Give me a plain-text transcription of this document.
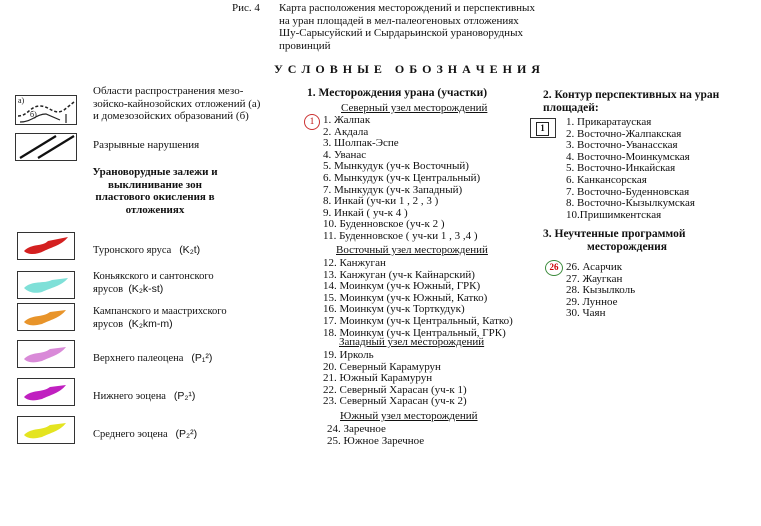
Рис. 4 Карта расположения месторождений и перспективных
на уран площадей в мел-палеогеновых отложениях
Шу-Сарысуйский и Сырдарьинской урановорудных
провинций
У С Л О В Н Ы Е   О Б О З Н А Ч Е Н И Я
а)
б)
Области распространения мезо-
зойско-кайнозойских отложений (а)
и домезозойских образований (б)
Разрывные нарушения
Урановорудные залежи и
выклинивание зон
пластового окисления в
отложениях
Туронского яруса (K₂t)
Коньякского и сантонского
ярусов (K₂k-st)
Кампанского и маастрихского
ярусов (K₂km-m)
Верхнего палеоцена (P₁²)
Нижнего эоцена (P₂¹)
Среднего эоцена (P₂²)
1. Месторождения урана (участки)
1
Северный узел месторождений
1. Жалпак
2. Акдала
3. Шолпак-Эспе
4. Уванас
5. Мынкудук (уч-к Восточный)
6. Мынкудук (уч-к Центральный)
7. Мынкудук (уч-к Западный)
8. Инкай (уч-ки 1 , 2 , 3 )
9. Инкай ( уч-к 4 )
10. Буденновское (уч-к 2 )
11. Буденновское ( уч-ки 1 , 3 ,4 )
Восточный узел месторождений
12. Канжуган
13. Канжуган (уч-к Кайнарский)
14. Моинкум (уч-к Южный, ГРК)
15. Моинкум (уч-к Южный, Катко)
16. Моинкум (уч-к Торткудук)
17. Моинкум (уч-к Центральный, Катко)
18. Моинкум (уч-к Центральный, ГРК)
Западный узел месторождений
19. Ирколь
20. Северный Карамурун
21. Южный Карамурун
22. Северный Харасан (уч-к 1)
23. Северный Харасан (уч-к 2)
Южный узел месторождений
24. Заречное
25. Южное Заречное
2. Контур перспективных на уран
площадей:
1	1. Прикаратауская
2. Восточно-Жалпакская
3. Восточно-Уванасская
4. Восточно-Моинкумская
5. Восточно-Инкайская
6. Канкансорская
7. Восточно-Буденновская
8. Восточно-Кызылкумская
10.Пришимкентская
3. Неучтенные программой
месторождения
26 26. Асарчик
27. Жаугкан
28. Кызылколь
29. Лунное
30. Чаян
